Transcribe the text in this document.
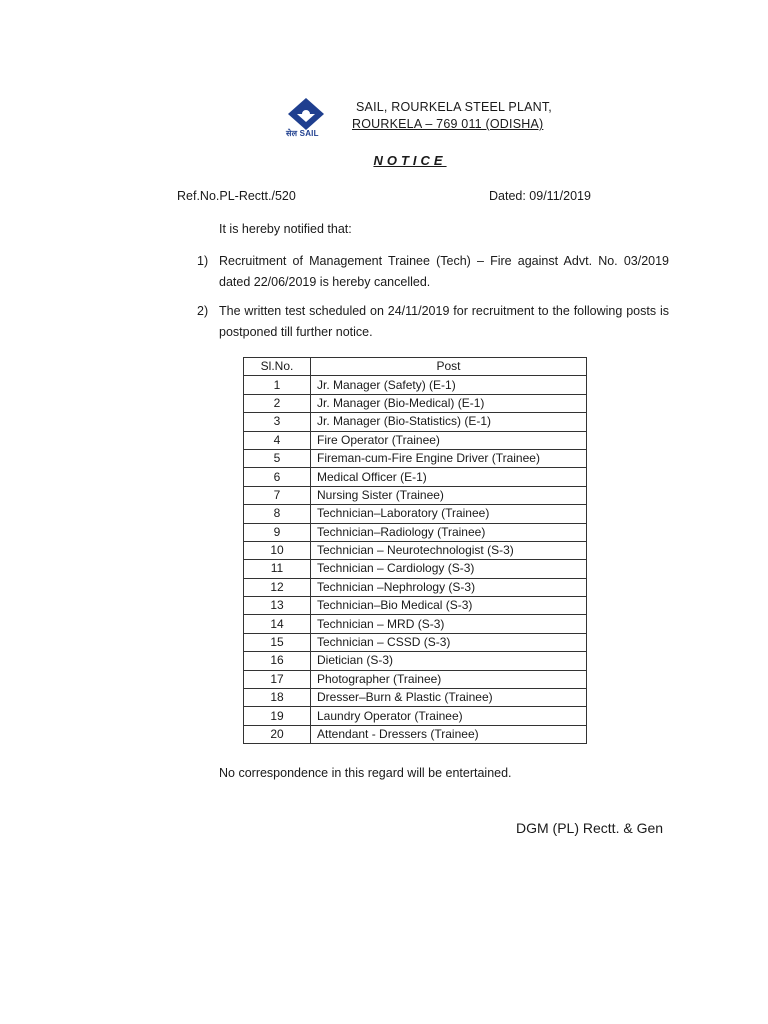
सेल SAIL
SAIL, ROURKELA STEEL PLANT,
ROURKELA – 769 011 (ODISHA)
NOTICE
Ref.No.PL-Rectt./520	Dated: 09/11/2019
It is hereby notified that:
1) Recruitment of Management Trainee (Tech) – Fire against Advt. No. 03/2019 dated 22/06/2019 is hereby cancelled.
2) The written test scheduled on 24/11/2019 for recruitment to the following posts is postponed till further notice.
Sl.No.	Post
1	Jr. Manager (Safety) (E-1)
2	Jr. Manager (Bio-Medical) (E-1)
3	Jr. Manager (Bio-Statistics) (E-1)
4	Fire Operator (Trainee)
5	Fireman-cum-Fire Engine Driver (Trainee)
6	Medical Officer (E-1)
7	Nursing Sister (Trainee)
8	Technician–Laboratory (Trainee)
9	Technician–Radiology (Trainee)
10	Technician – Neurotechnologist (S-3)
11	Technician – Cardiology (S-3)
12	Technician –Nephrology (S-3)
13	Technician–Bio Medical (S-3)
14	Technician – MRD (S-3)
15	Technician – CSSD (S-3)
16	Dietician (S-3)
17	Photographer (Trainee)
18	Dresser–Burn & Plastic (Trainee)
19	Laundry Operator (Trainee)
20	Attendant - Dressers (Trainee)
No correspondence in this regard will be entertained.
DGM (PL) Rectt. & Gen
